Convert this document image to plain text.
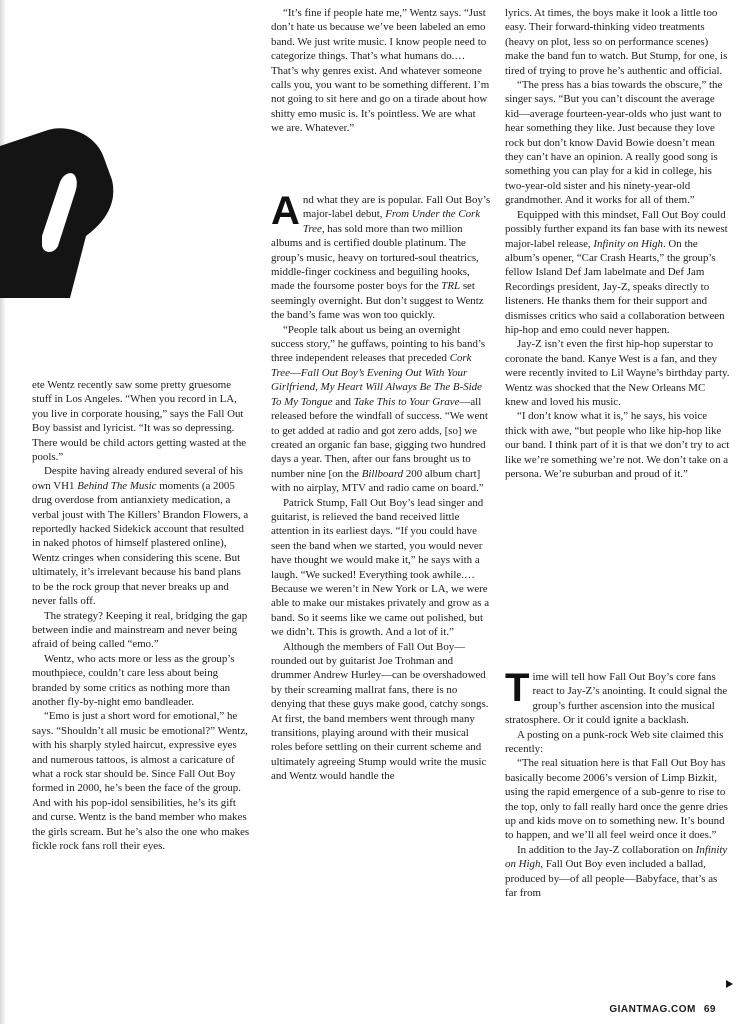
ete Wentz recently saw some pretty gruesome stuff in Los Angeles. “When you record in LA, you live in corporate housing,” says the Fall Out Boy bassist and lyricist. “It was so depressing. There would be child actors getting wasted at the pools.”

Despite having already endured several of his own VH1 Behind The Music moments (a 2005 drug overdose from antianxiety medication, a verbal joust with The Killers’ Brandon Flowers, a reportedly hacked Sidekick account that resulted in naked photos of himself plastered online), Wentz cringes when considering this scene. But ultimately, it’s irrelevant because his band plans to be the rock group that never breaks up and never falls off.

The strategy? Keeping it real, bridging the gap between indie and mainstream and never being afraid of being called “emo.”

Wentz, who acts more or less as the group’s mouthpiece, couldn’t care less about being branded by some critics as nothing more than another fly-by-night emo bandleader.

“Emo is just a short word for emotional,” he says. “Shouldn’t all music be emotional?” Wentz, with his sharply styled haircut, expressive eyes and numerous tattoos, is almost a caricature of what a rock star should be. Since Fall Out Boy formed in 2000, he’s been the face of the group. And with his pop-idol sensibilities, he’s its gift and curse. Wentz is the band member who makes the girls scream. But he’s also the one who makes fickle rock fans roll their eyes.

“It’s fine if people hate me,” Wentz says. “Just don’t hate us because we’ve been labeled an emo band. We just write music. I know people need to categorize things. That’s what humans do.…That’s why genres exist. And whatever someone calls you, you want to be something different. I’m not going to sit here and go on a tirade about how shitty emo music is. It’s pointless. We are what we are. Whatever.”

And what they are is popular. Fall Out Boy’s major-label debut, From Under the Cork Tree, has sold more than two million albums and is certified double platinum. The group’s music, heavy on tortured-soul theatrics, middle-finger cockiness and beguiling hooks, made the foursome poster boys for the TRL set seemingly overnight. But don’t suggest to Wentz the band’s fame was won too quickly.

“People talk about us being an overnight success story,” he guffaws, pointing to his band’s three independent releases that preceded Cork Tree—Fall Out Boy’s Evening Out With Your Girlfriend, My Heart Will Always Be The B-Side To My Tongue and Take This to Your Grave—all released before the windfall of success. “We went to get added at radio and got zero adds, [so] we created an organic fan base, gigging two hundred days a year. Then, after our fans brought us to number nine [on the Billboard 200 album chart] with no airplay, MTV and radio came on board.”

Patrick Stump, Fall Out Boy’s lead singer and guitarist, is relieved the band received little attention in its earliest days. “If you could have seen the band when we started, you would never have thought we would make it,” he says with a laugh. “We sucked! Everything took awhile.…Because we weren’t in New York or LA, we were able to make our mistakes privately and grow as a band. So it seems like we came out polished, but we didn’t. This is growth. And a lot of it.”

Although the members of Fall Out Boy—rounded out by guitarist Joe Trohman and drummer Andrew Hurley—can be overshadowed by their screaming mallrat fans, there is no denying that these guys make good, catchy songs. At first, the band members went through many transitions, playing around with their musical roles before settling on their current scheme and ultimately agreeing Stump would write the music and Wentz would handle the

lyrics. At times, the boys make it look a little too easy. Their forward-thinking video treatments (heavy on plot, less so on performance scenes) make the band fun to watch. But Stump, for one, is tired of trying to prove he’s authentic and official.

“The press has a bias towards the obscure,” the singer says. “But you can’t discount the average kid—average fourteen-year-olds who just want to hear something they like. Just because they love rock but don’t know David Bowie doesn’t mean they can’t have an opinion. A really good song is something you can play for a kid in college, his two-year-old sister and his ninety-year-old grandmother. And it works for all of them.”

Equipped with this mindset, Fall Out Boy could possibly further expand its fan base with its newest major-label release, Infinity on High. On the album’s opener, “Car Crash Hearts,” the group’s fellow Island Def Jam labelmate and Def Jam Recordings president, Jay-Z, speaks directly to listeners. He thanks them for their support and dismisses critics who said a collaboration between hip-hop and emo could never happen.

Jay-Z isn’t even the first hip-hop superstar to coronate the band. Kanye West is a fan, and they were recently invited to Lil Wayne’s birthday party. Wentz was shocked that the New Orleans MC knew and loved his music.

“I don’t know what it is,” he says, his voice thick with awe, “but people who like hip-hop like our band. I think part of it is that we don’t try to act like we’re something we’re not. We don’t take on a persona. We’re suburban and proud of it.”

Time will tell how Fall Out Boy’s core fans react to Jay-Z’s anointing. It could signal the group’s further ascension into the musical stratosphere. Or it could ignite a backlash.

A posting on a punk-rock Web site claimed this recently:

“The real situation here is that Fall Out Boy has basically become 2006’s version of Limp Bizkit, using the rapid emergence of a sub-genre to rise to the top, only to fall really hard once the genre dries up and kids move on to something new. It’s bound to happen, and we’ll all feel weird once it does.”

In addition to the Jay-Z collaboration on Infinity on High, Fall Out Boy even included a ballad, produced by—of all people—Babyface, that’s as far from

GIANTMAG.COM 69
